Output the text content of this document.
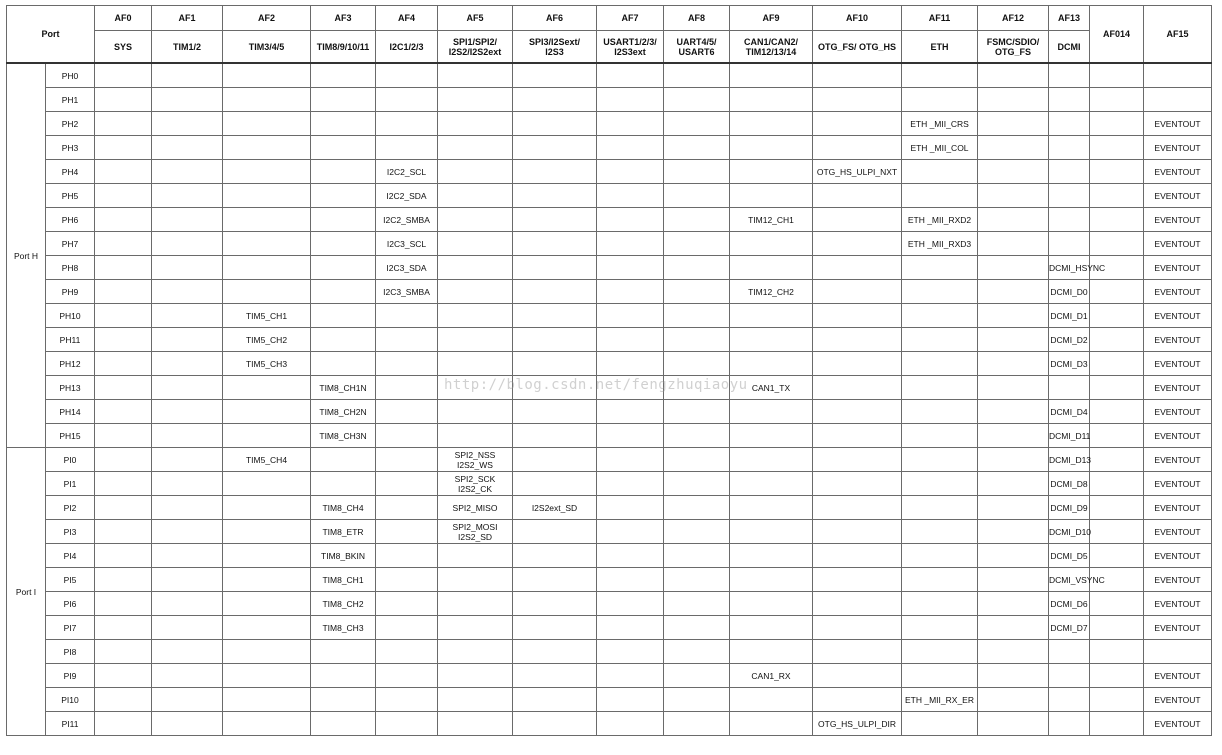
Port		AF0	AF1	AF2	AF3	AF4	AF5	AF6	AF7	AF8	AF9	AF10	AF11	AF12	AF13	AF014	AF15
		SYS	TIM1/2	TIM3/4/5	TIM8/9/10/11	I2C1/2/3	SPI1/SPI2/
I2S2/I2S2ext	SPI3/I2Sext/
I2S3	USART1/2/3/
I2S3ext	UART4/5/
USART6	CAN1/CAN2/
TIM12/13/14	OTG_FS/ OTG_HS	ETH	FSMC/SDIO/
OTG_FS	DCMI		
Port H	PH0																
	PH1																
	PH2												ETH _MII_CRS				EVENTOUT
	PH3												ETH _MII_COL				EVENTOUT
	PH4					I2C2_SCL						OTG_HS_ULPI_NXT					EVENTOUT
	PH5					I2C2_SDA											EVENTOUT
	PH6					I2C2_SMBA					TIM12_CH1		ETH _MII_RXD2				EVENTOUT
	PH7					I2C3_SCL							ETH _MII_RXD3				EVENTOUT
	PH8					I2C3_SDA									DCMI_HSYNC		EVENTOUT
	PH9					I2C3_SMBA					TIM12_CH2				DCMI_D0		EVENTOUT
	PH10			TIM5_CH1											DCMI_D1		EVENTOUT
	PH11			TIM5_CH2											DCMI_D2		EVENTOUT
	PH12			TIM5_CH3											DCMI_D3		EVENTOUT
	PH13				TIM8_CH1N						CAN1_TX						EVENTOUT
	PH14				TIM8_CH2N										DCMI_D4		EVENTOUT
	PH15				TIM8_CH3N										DCMI_D11		EVENTOUT
Port I	PI0			TIM5_CH4			SPI2_NSS
I2S2_WS								DCMI_D13		EVENTOUT
	PI1						SPI2_SCK
I2S2_CK								DCMI_D8		EVENTOUT
	PI2				TIM8_CH4		SPI2_MISO	I2S2ext_SD							DCMI_D9		EVENTOUT
	PI3				TIM8_ETR		SPI2_MOSI
I2S2_SD								DCMI_D10		EVENTOUT
	PI4				TIM8_BKIN										DCMI_D5		EVENTOUT
	PI5				TIM8_CH1										DCMI_VSYNC		EVENTOUT
	PI6				TIM8_CH2										DCMI_D6		EVENTOUT
	PI7				TIM8_CH3										DCMI_D7		EVENTOUT
	PI8																
	PI9										CAN1_RX						EVENTOUT
	PI10												ETH _MII_RX_ER				EVENTOUT
	PI11											OTG_HS_ULPI_DIR					EVENTOUT
http://blog.csdn.net/fengzhuqiaoyu
